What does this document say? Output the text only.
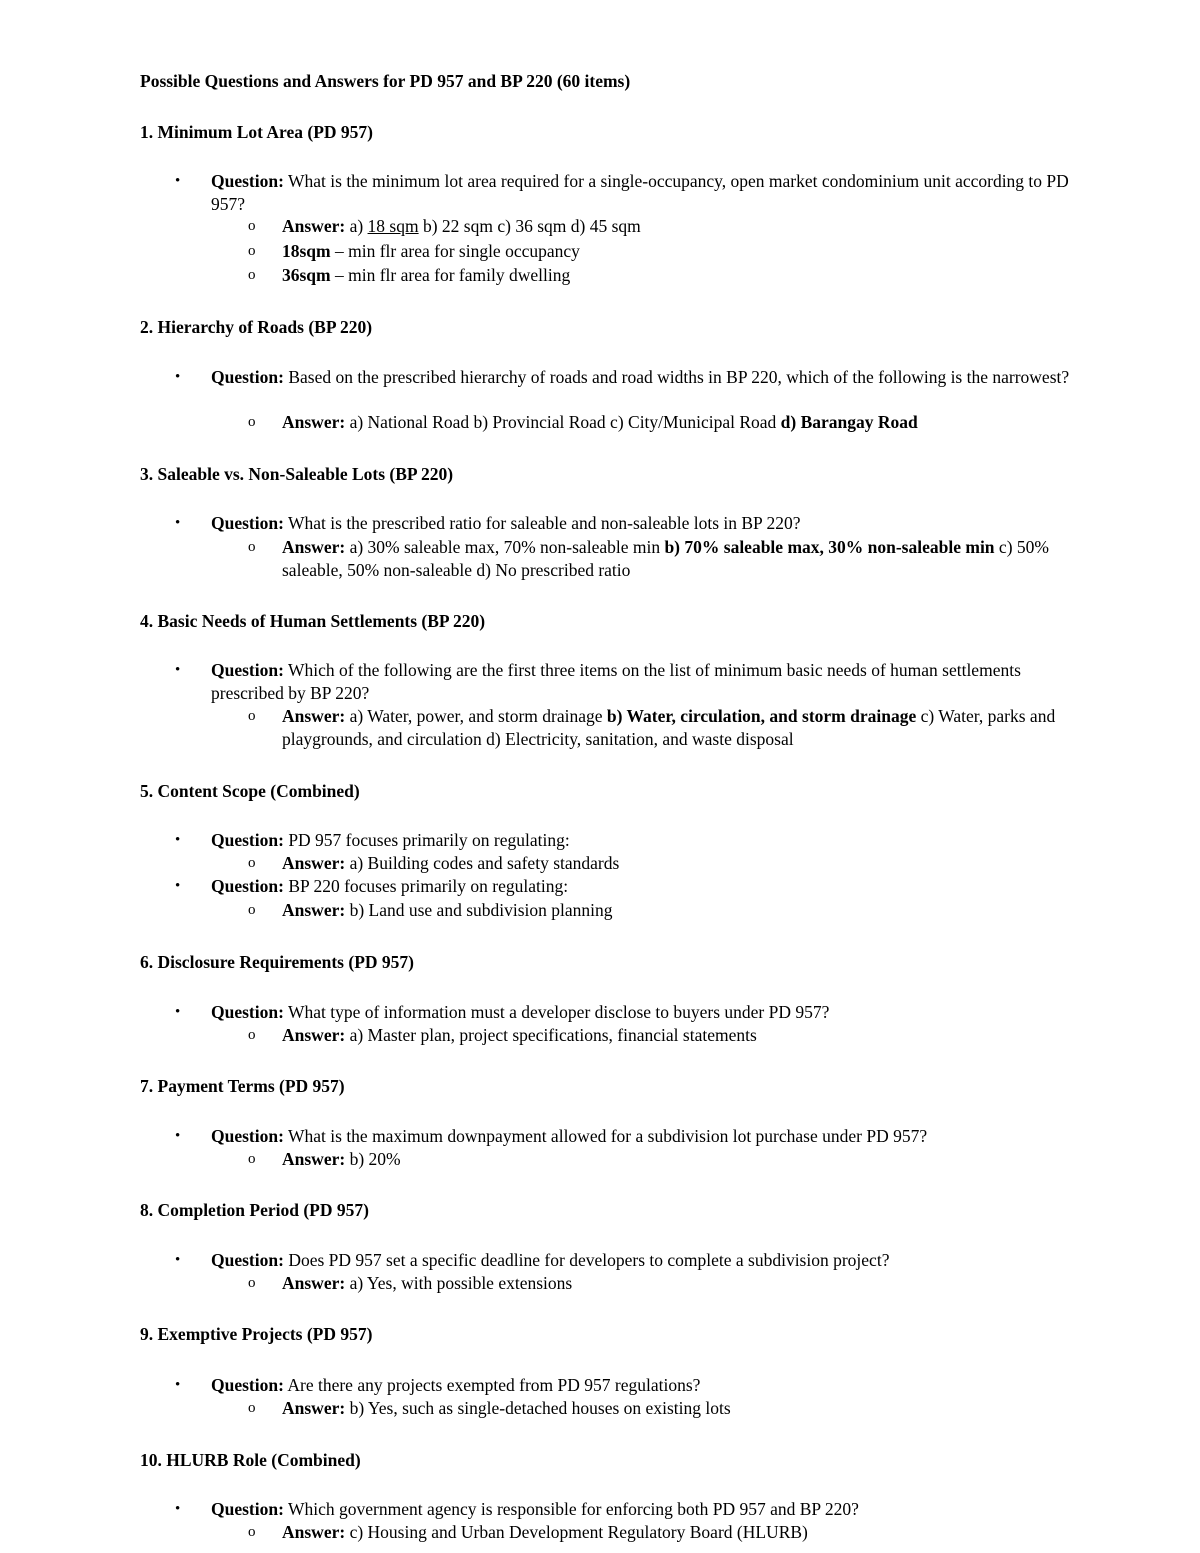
Possible Questions and Answers for PD 957 and BP 220 (60 items)
1. Minimum Lot Area (PD 957)

• Question: What is the minimum lot area required for a single-occupancy, open market condominium unit according to PD 957?

o Answer: a) 18 sqm b) 22 sqm c) 36 sqm d) 45 sqm

o 18sqm – min flr area for single occupancy

o 36sqm – min flr area for family dwelling

2. Hierarchy of Roads (BP 220)

• Question: Based on the prescribed hierarchy of roads and road widths in BP 220, which of the following is the narrowest?

o Answer: a) National Road b) Provincial Road c) City/Municipal Road d) Barangay Road

3. Saleable vs. Non-Saleable Lots (BP 220)

• Question: What is the prescribed ratio for saleable and non-saleable lots in BP 220?

o Answer: a) 30% saleable max, 70% non-saleable min b) 70% saleable max, 30% non-saleable min c) 50% saleable, 50% non-saleable d) No prescribed ratio

4. Basic Needs of Human Settlements (BP 220)

• Question: Which of the following are the first three items on the list of minimum basic needs of human settlements prescribed by BP 220?

o Answer: a) Water, power, and storm drainage b) Water, circulation, and storm drainage c) Water, parks and playgrounds, and circulation d) Electricity, sanitation, and waste disposal

5. Content Scope (Combined)

• Question: PD 957 focuses primarily on regulating:

o Answer: a) Building codes and safety standards

• Question: BP 220 focuses primarily on regulating:

o Answer: b) Land use and subdivision planning

6. Disclosure Requirements (PD 957)

• Question: What type of information must a developer disclose to buyers under PD 957?

o Answer: a) Master plan, project specifications, financial statements

7. Payment Terms (PD 957)

• Question: What is the maximum downpayment allowed for a subdivision lot purchase under PD 957?

o Answer: b) 20%

8. Completion Period (PD 957)

• Question: Does PD 957 set a specific deadline for developers to complete a subdivision project?

o Answer: a) Yes, with possible extensions

9. Exemptive Projects (PD 957)

• Question: Are there any projects exempted from PD 957 regulations?

o Answer: b) Yes, such as single-detached houses on existing lots

10. HLURB Role (Combined)

• Question: Which government agency is responsible for enforcing both PD 957 and BP 220?

o Answer: c) Housing and Urban Development Regulatory Board (HLURB)
